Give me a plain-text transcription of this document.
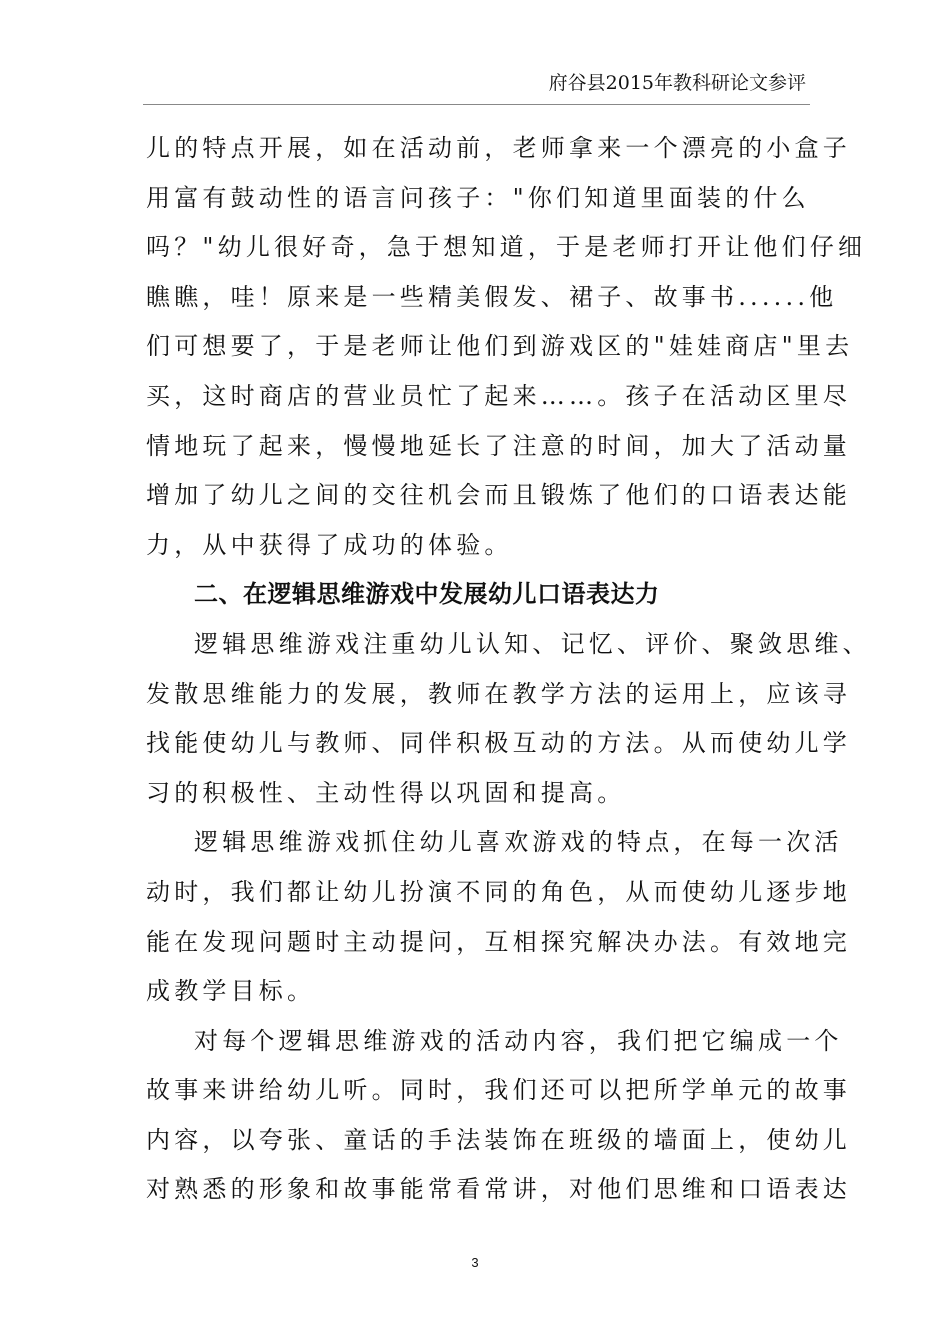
府谷县2015年教科研论文参评
儿的特点开展，如在活动前，老师拿来一个漂亮的小盒子
用富有鼓动性的语言问孩子："你们知道里面装的什么
吗？"幼儿很好奇，急于想知道，于是老师打开让他们仔细
瞧瞧，哇！原来是一些精美假发、裙子、故事书......他
们可想要了，于是老师让他们到游戏区的"娃娃商店"里去
买，这时商店的营业员忙了起来……。孩子在活动区里尽
情地玩了起来，慢慢地延长了注意的时间，加大了活动量
增加了幼儿之间的交往机会而且锻炼了他们的口语表达能
力，从中获得了成功的体验。
二、在逻辑思维游戏中发展幼儿口语表达力
逻辑思维游戏注重幼儿认知、记忆、评价、聚敛思维、
发散思维能力的发展，教师在教学方法的运用上，应该寻
找能使幼儿与教师、同伴积极互动的方法。从而使幼儿学
习的积极性、主动性得以巩固和提高。
逻辑思维游戏抓住幼儿喜欢游戏的特点，在每一次活
动时，我们都让幼儿扮演不同的角色，从而使幼儿逐步地
能在发现问题时主动提问，互相探究解决办法。有效地完
成教学目标。
对每个逻辑思维游戏的活动内容，我们把它编成一个
故事来讲给幼儿听。同时，我们还可以把所学单元的故事
内容，以夸张、童话的手法装饰在班级的墙面上，使幼儿
对熟悉的形象和故事能常看常讲，对他们思维和口语表达
3
